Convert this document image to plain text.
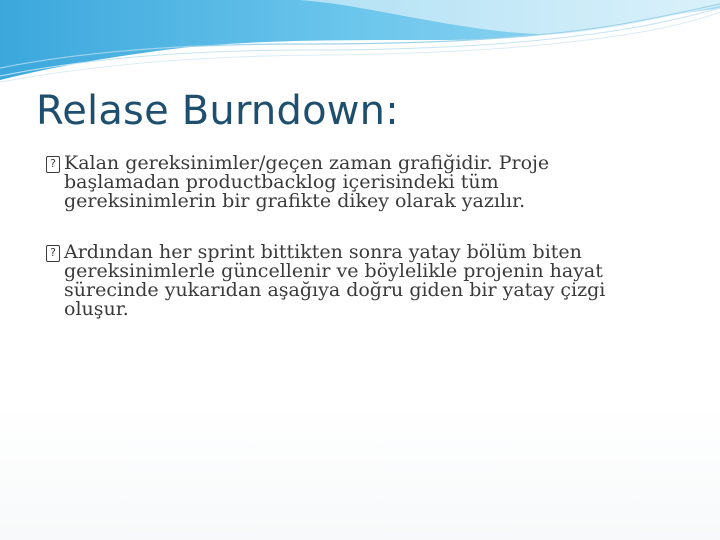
Relase Burndown:
?
Kalan gereksinimler/geçen zaman grafiğidir. Proje
başlamadan productbacklog içerisindeki tüm
gereksinimlerin bir grafikte dikey olarak yazılır.
?
Ardından her sprint bittikten sonra yatay bölüm biten
gereksinimlerle güncellenir ve böylelikle projenin hayat
sürecinde yukarıdan aşağıya doğru giden bir yatay çizgi
oluşur.
